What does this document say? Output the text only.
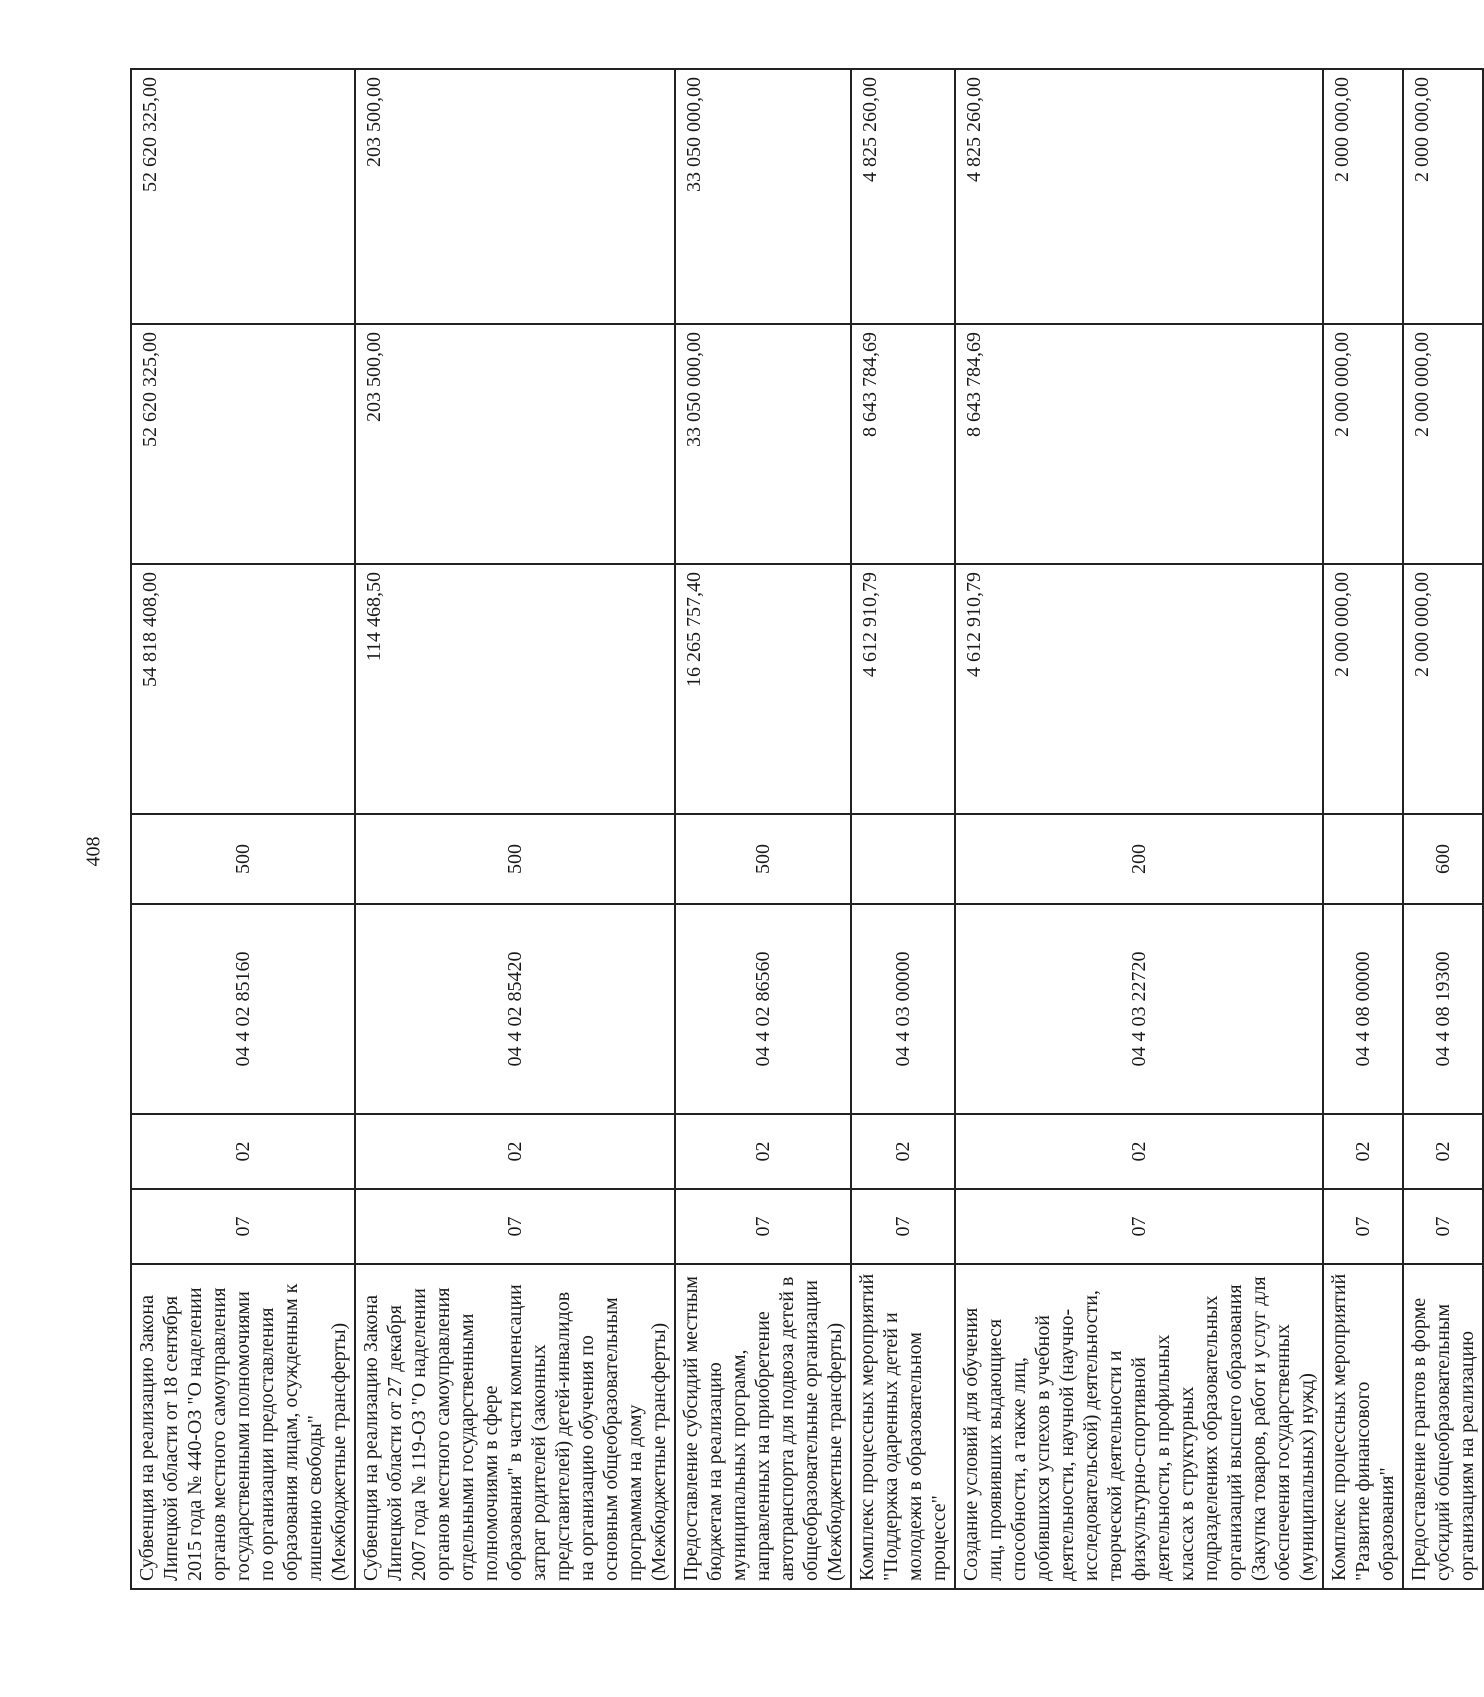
408
Субвенция на реализацию Закона Липецкой области от 18 сентября 2015 года № 440-ОЗ "О наделении органов местного самоуправления государственными полномочиями по организации предоставления образования лицам, осужденным к лишению свободы" (Межбюджетные трансферты)	07	02	04 4 02 85160	500	54 818 408,00	52 620 325,00	52 620 325,00
Субвенция на реализацию Закона Липецкой области от 27 декабря 2007 года № 119-ОЗ "О наделении органов местного самоуправления отдельными государственными полномочиями в сфере образования" в части компенсации затрат родителей (законных представителей) детей-инвалидов на организацию обучения по основным общеобразовательным программам на дому (Межбюджетные трансферты)	07	02	04 4 02 85420	500	114 468,50	203 500,00	203 500,00
Предоставление субсидий местным бюджетам на реализацию муниципальных программ, направленных на приобретение автотранспорта для подвоза детей в общеобразовательные организации (Межбюджетные трансферты)	07	02	04 4 02 86560	500	16 265 757,40	33 050 000,00	33 050 000,00
Комплекс процессных мероприятий "Поддержка одаренных детей и молодежи в образовательном процессе"	07	02	04 4 03 00000		4 612 910,79	8 643 784,69	4 825 260,00
Создание условий для обучения лиц, проявивших выдающиеся способности, а также лиц, добившихся успехов в учебной деятельности, научной (научно-исследовательской) деятельности, творческой деятельности и физкультурно-спортивной деятельности, в профильных классах в структурных подразделениях образовательных организаций высшего образования (Закупка товаров, работ и услуг для обеспечения государственных (муниципальных) нужд)	07	02	04 4 03 22720	200	4 612 910,79	8 643 784,69	4 825 260,00
Комплекс процессных мероприятий "Развитие финансового образования"	07	02	04 4 08 00000		2 000 000,00	2 000 000,00	2 000 000,00
Предоставление грантов в форме субсидий общеобразовательным организациям на реализацию	07	02	04 4 08 19300	600	2 000 000,00	2 000 000,00	2 000 000,00
